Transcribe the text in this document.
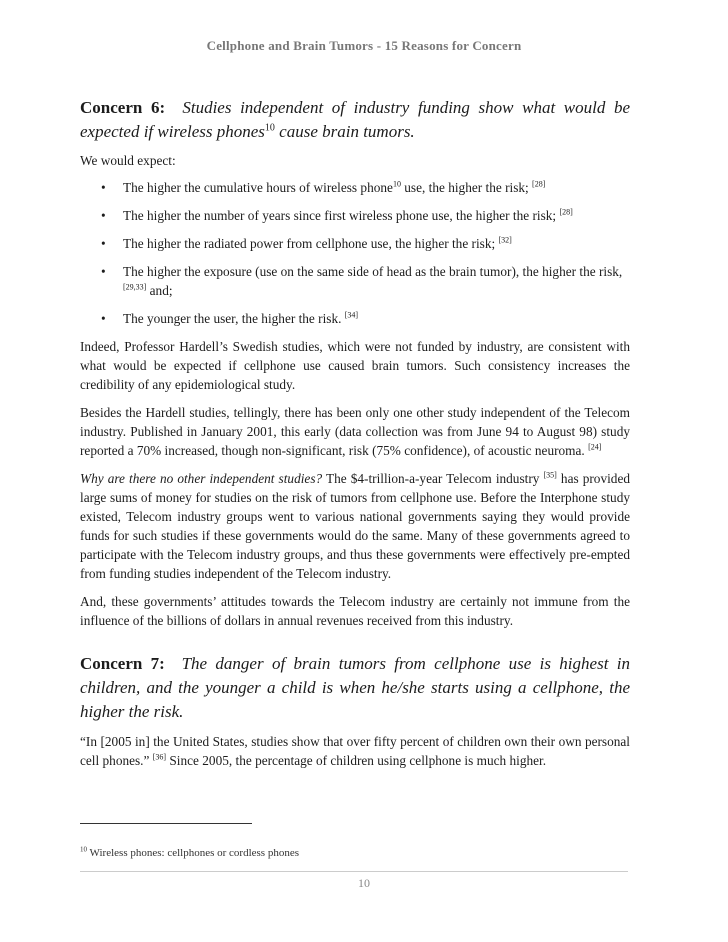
Cellphone and Brain Tumors - 15 Reasons for Concern

Concern 6: Studies independent of industry funding show what would be expected if wireless phones$^{10}$ cause brain tumors.

We would expect:

• The higher the cumulative hours of wireless phone$^{10}$ use, the higher the risk; [28]
• The higher the number of years since first wireless phone use, the higher the risk; [28]
• The higher the radiated power from cellphone use, the higher the risk; [32]
• The higher the exposure (use on the same side of head as the brain tumor), the higher the risk, [29,33] and;
• The younger the user, the higher the risk. [34]

Indeed, Professor Hardell’s Swedish studies, which were not funded by industry, are consistent with what would be expected if cellphone use caused brain tumors. Such consistency increases the credibility of any epidemiological study.

Besides the Hardell studies, tellingly, there has been only one other study independent of the Telecom industry. Published in January 2001, this early (data collection was from June 94 to August 98) study reported a 70% increased, though non-significant, risk (75% confidence), of acoustic neuroma. [24]

Why are there no other independent studies? The $4-trillion-a-year Telecom industry [35] has provided large sums of money for studies on the risk of tumors from cellphone use. Before the Interphone study existed, Telecom industry groups went to various national governments saying they would provide funds for such studies if these governments would do the same. Many of these governments agreed to participate with the Telecom industry groups, and thus these governments were effectively pre-empted from funding studies independent of the Telecom industry.

And, these governments’ attitudes towards the Telecom industry are certainly not immune from the influence of the billions of dollars in annual revenues received from this industry.

Concern 7: The danger of brain tumors from cellphone use is highest in children, and the younger a child is when he/she starts using a cellphone, the higher the risk.

“In [2005 in] the United States, studies show that over fifty percent of children own their own personal cell phones.” [36] Since 2005, the percentage of children using cellphone is much higher.

$^{10}$ Wireless phones: cellphones or cordless phones
10
